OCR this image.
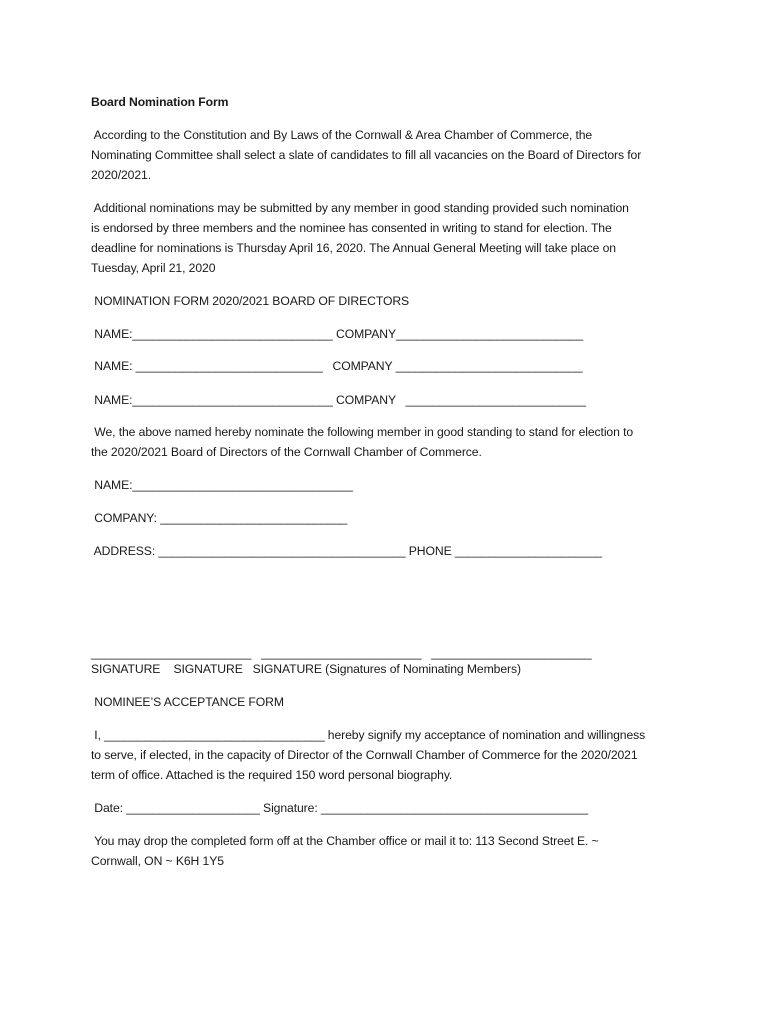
Board Nomination Form
According to the Constitution and By Laws of the Cornwall & Area Chamber of Commerce, the
Nominating Committee shall select a slate of candidates to fill all vacancies on the Board of Directors for
2020/2021.
Additional nominations may be submitted by any member in good standing provided such nomination
is endorsed by three members and the nominee has consented in writing to stand for election. The
deadline for nominations is Thursday April 16, 2020. The Annual General Meeting will take place on
Tuesday, April 21, 2020
NOMINATION FORM 2020/2021 BOARD OF DIRECTORS
NAME:______________________________ COMPANY____________________________
NAME: ____________________________   COMPANY ____________________________
NAME:______________________________ COMPANY   ___________________________
We, the above named hereby nominate the following member in good standing to stand for election to
the 2020/2021 Board of Directors of the Cornwall Chamber of Commerce.
NAME:_________________________________
COMPANY: ____________________________
ADDRESS: _____________________________________ PHONE ______________________
________________________   ________________________   ________________________
SIGNATURE    SIGNATURE   SIGNATURE (Signatures of Nominating Members)
NOMINEE’S ACCEPTANCE FORM
I, _________________________________ hereby signify my acceptance of nomination and willingness
to serve, if elected, in the capacity of Director of the Cornwall Chamber of Commerce for the 2020/2021
term of office. Attached is the required 150 word personal biography.
Date: ____________________ Signature: ________________________________________
You may drop the completed form off at the Chamber office or mail it to: 113 Second Street E. ~
Cornwall, ON ~ K6H 1Y5
